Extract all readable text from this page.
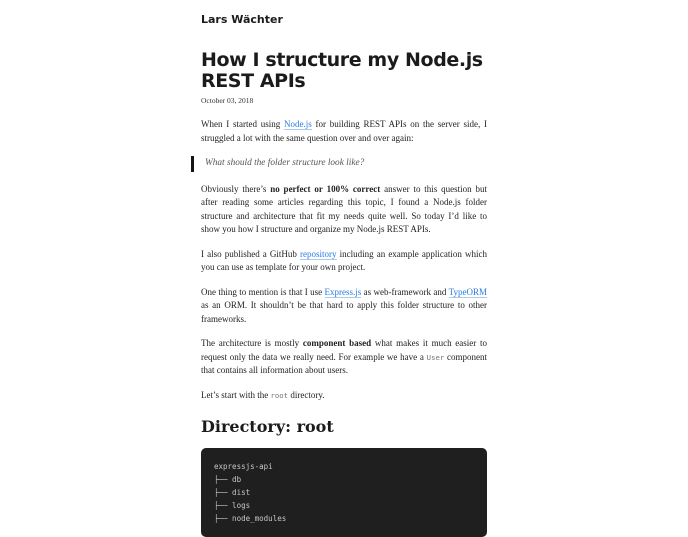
Lars Wächter
How I structure my Node.js REST APIs
October 03, 2018

When I started using Node.js for building REST APIs on the server side, I struggled a lot with the same question over and over again:

What should the folder structure look like?

Obviously there’s no perfect or 100% correct answer to this question but after reading some articles regarding this topic, I found a Node.js folder structure and architecture that fit my needs quite well. So today I’d like to show you how I structure and organize my Node.js REST APIs.

I also published a GitHub repository including an example application which you can use as template for your own project.

One thing to mention is that I use Express.js as web-framework and TypeORM as an ORM. It shouldn’t be that hard to apply this folder structure to other frameworks.

The architecture is mostly component based what makes it much easier to request only the data we really need. For example we have a User component that contains all information about users.

Let’s start with the root directory.

Directory: root
expressjs-api
├── db
├── dist
├── logs
├── node_modules
